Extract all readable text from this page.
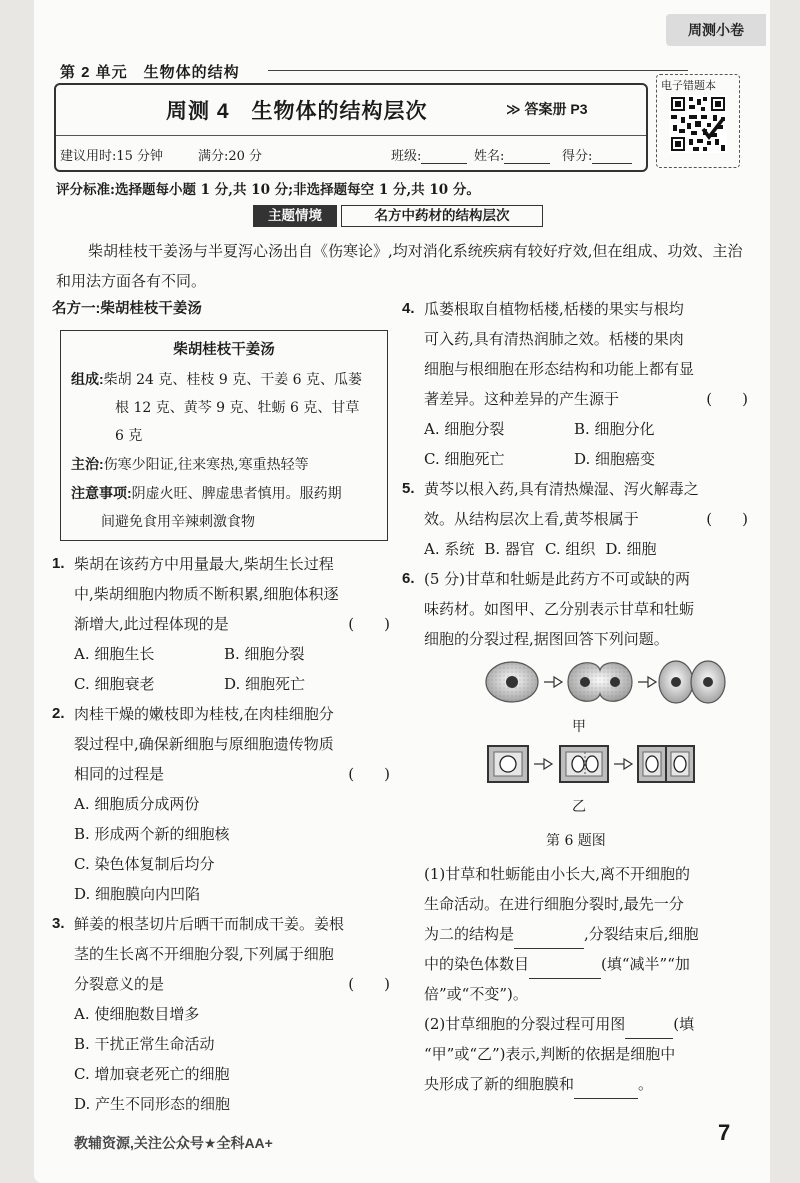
周测小卷
第 2 单元　生物体的结构
周测 4　生物体的结构层次	≫ 答案册 P3
建议用时:15 分钟	满分:20 分	班级:	姓名:	得分:
电子错题本
评分标准:选择题每小题 1 分,共 10 分;非选择题每空 1 分,共 10 分。
主题情境	名方中药材的结构层次
柴胡桂枝干姜汤与半夏泻心汤出自《伤寒论》,均对消化系统疾病有较好疗效,但在组成、功效、主治和用法方面各有不同。
名方一:柴胡桂枝干姜汤
柴胡桂枝干姜汤
组成:柴胡 24 克、桂枝 9 克、干姜 6 克、瓜蒌
根 12 克、黄芩 9 克、牡蛎 6 克、甘草
6 克
主治:伤寒少阳证,往来寒热,寒重热轻等
注意事项:阴虚火旺、脾虚患者慎用。服药期
间避免食用辛辣刺激食物
1. 柴胡在该药方中用量最大,柴胡生长过程
中,柴胡细胞内物质不断积累,细胞体积逐
渐增大,此过程体现的是	(　　)
A. 细胞生长	B. 细胞分裂
C. 细胞衰老	D. 细胞死亡
2. 肉桂干燥的嫩枝即为桂枝,在肉桂细胞分
裂过程中,确保新细胞与原细胞遗传物质
相同的过程是	(　　)
A. 细胞质分成两份
B. 形成两个新的细胞核
C. 染色体复制后均分
D. 细胞膜向内凹陷
3. 鲜姜的根茎切片后晒干而制成干姜。姜根
茎的生长离不开细胞分裂,下列属于细胞
分裂意义的是	(　　)
A. 使细胞数目增多
B. 干扰正常生命活动
C. 增加衰老死亡的细胞
D. 产生不同形态的细胞
4. 瓜蒌根取自植物栝楼,栝楼的果实与根均
可入药,具有清热润肺之效。栝楼的果肉
细胞与根细胞在形态结构和功能上都有显
著差异。这种差异的产生源于	(　　)
A. 细胞分裂	B. 细胞分化
C. 细胞死亡	D. 细胞癌变
5. 黄芩以根入药,具有清热燥湿、泻火解毒之
效。从结构层次上看,黄芩根属于	(　　)
A. 系统 B. 器官 C. 组织 D. 细胞
6. (5 分)甘草和牡蛎是此药方不可或缺的两
味药材。如图甲、乙分别表示甘草和牡蛎
细胞的分裂过程,据图回答下列问题。
甲
乙
第 6 题图
(1)甘草和牡蛎能由小长大,离不开细胞的
生命活动。在进行细胞分裂时,最先一分
为二的结构是	,分裂结束后,细胞
中的染色体数目	(填“减半”“加
倍”或“不变”)。
(2)甘草细胞的分裂过程可用图	(填
“甲”或“乙”)表示,判断的依据是细胞中
央形成了新的细胞膜和	。
7
教辅资源,关注公众号★全科AA+
